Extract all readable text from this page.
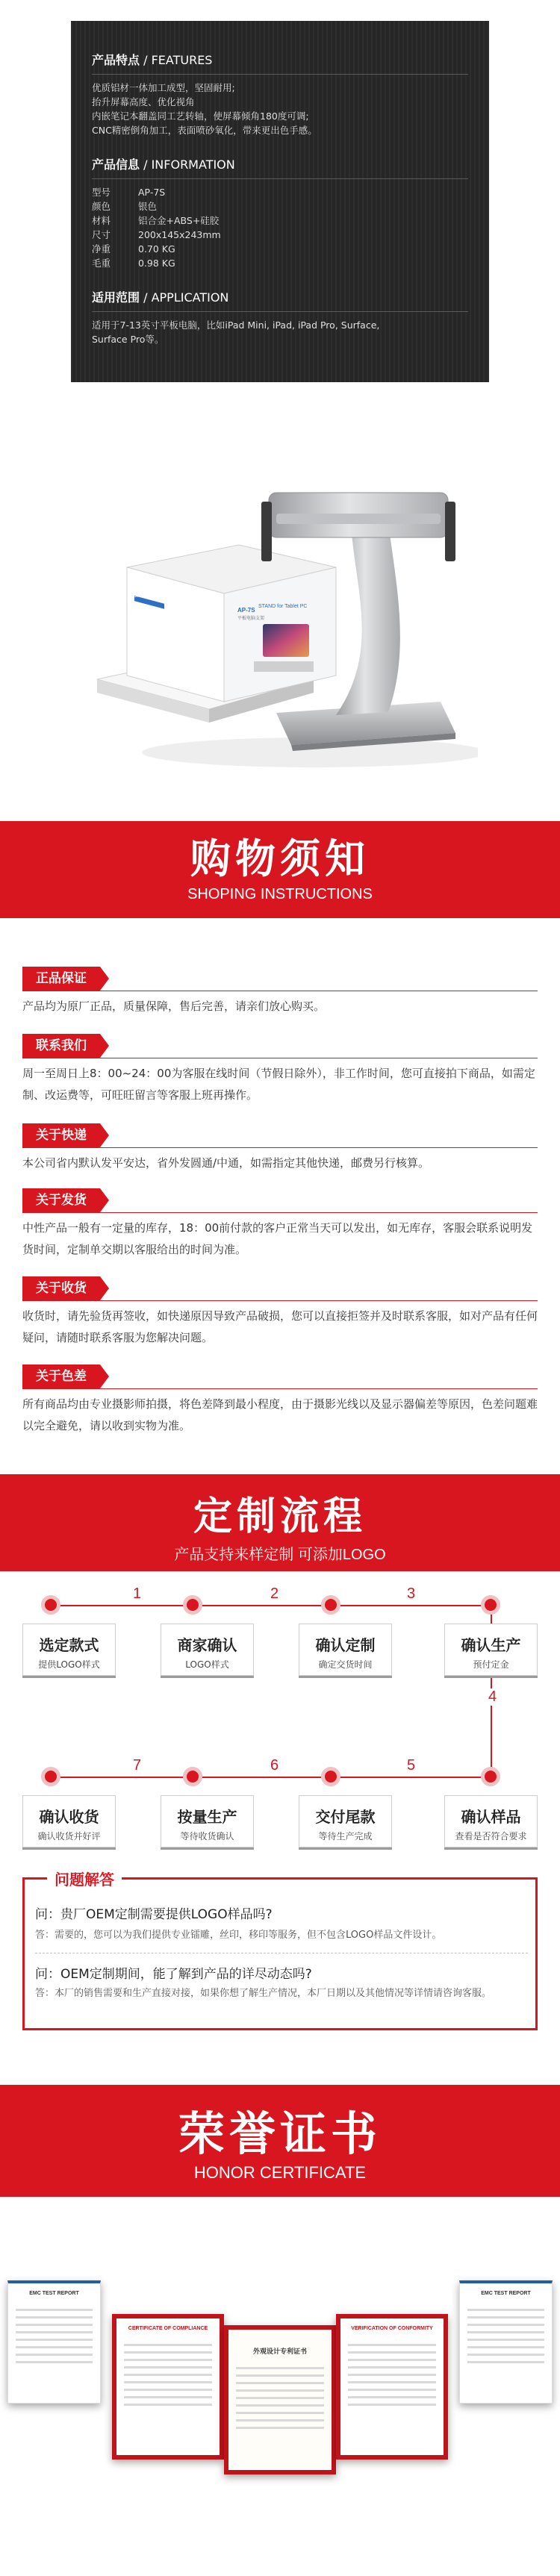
产品特点 / FEATURES
优质铝材一体加工成型，坚固耐用;
抬升屏幕高度、优化视角
内嵌笔记本翻盖同工艺转轴，使屏幕倾角180度可调;
CNC精密倒角加工，表面喷砂氧化，带来更出色手感。
产品信息 / INFORMATION
型号	AP-7S
颜色	银色
材料	铝合金+ABS+硅胶
尺寸	200x145x243mm
净重	0.70 KG
毛重	0.98 KG
适用范围 / APPLICATION
适用于7-13英寸平板电脑，比如iPad Mini, iPad, iPad Pro, Surface,
Surface Pro等。
AP-7S
STAND for Tablet PC
平板电脑支架
ORICO
购物须知
SHOPING INSTRUCTIONS
正品保证
产品均为原厂正品，质量保障，售后完善，请亲们放心购买。
联系我们
周一至周日上8：00~24：00为客服在线时间（节假日除外），非工作时间，您可直接拍下商品，如需定制、改运费等，可旺旺留言等客服上班再操作。
关于快递
本公司省内默认发平安达，省外发圆通/中通，如需指定其他快递，邮费另行核算。
关于发货
中性产品一般有一定量的库存，18：00前付款的客户正常当天可以发出，如无库存，客服会联系说明发货时间，定制单交期以客服给出的时间为准。
关于收货
收货时，请先验货再签收，如快递原因导致产品破损，您可以直接拒签并及时联系客服，如对产品有任何疑问，请随时联系客服为您解决问题。
关于色差
所有商品均由专业摄影师拍摄，将色差降到最小程度，由于摄影光线以及显示器偏差等原因，色差问题难以完全避免，请以收到实物为准。
定制流程
产品支持来样定制 可添加LOGO
1	2	3
4
5
6
7
选定款式
提供LOGO样式
商家确认
LOGO样式
确认定制
确定交货时间
确认生产
预付定金
确认样品
查看是否符合要求
交付尾款
等待生产完成
按量生产
等待收货确认
确认收货
确认收货并好评
问题解答
问：贵厂OEM定制需要提供LOGO样品吗?
答：需要的，您可以为我们提供专业镭雕，丝印，移印等服务，但不包含LOGO样品文件设计。
问：OEM定制期间，能了解到产品的详尽动态吗?
答：本厂的销售需要和生产直接对接，如果你想了解生产情况，本厂日期以及其他情况等详情请咨询客服。
荣誉证书
HONOR CERTIFICATE
EMC TEST REPORT
CERTIFICATE OF COMPLIANCE
外观设计专利证书
VERIFICATION OF CONFORMITY
EMC TEST REPORT
